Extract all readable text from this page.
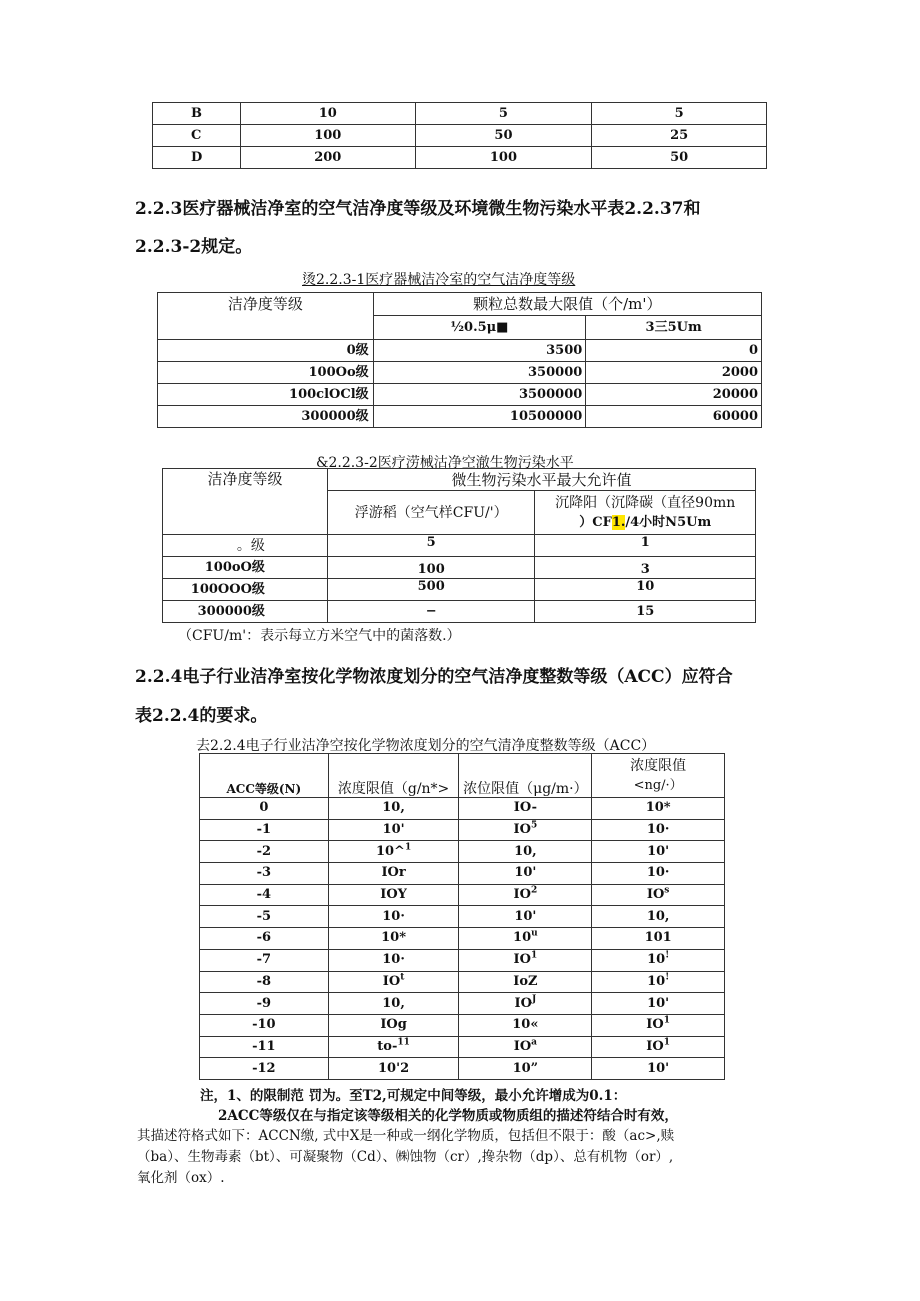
B	10	5	5
C	100	50	25
D	200	100	50
2.2.3医疗器械洁净室的空气洁净度等级及环境微生物污染水平表2.2.37和
2.2.3-2规定。
烫2.2.3-1医疗器械洁冷室的空气洁净度等级
洁净度等级	颗粒总数最大限值（个/m'）	
	½0.5μ■	3三5Um
0级	3500	0
100Oo级	350000	2000
100clOCl级	3500000	20000
300000级	10500000	60000
&2.2.3-2医疗涝械沽净空澈生物污染水平
洁净度等级	微生物污染水平最大允许值	
	浮游稻（空气样CFU/'）	沉降阳（沉降碳（直径90mn
）CF1./4小时N5Um

。级	5	1
100oO级	100	3
100OOO级	500	10
300000级	−	15
（CFU/m'：表示每立方米空气中的菌落数.）
2.2.4电子行业洁净室按化学物浓度划分的空气洁净度整数等级（ACC）应符合
表2.2.4的要求。
去2.2.4电子行业沽净空按化学物浓度划分的空气清净度整数等级（ACC）
ACC等级(N)	浓度限值（g/n*>	浓位限值（μg/m·）	浓度限值
<ng/·）

0	10,	IO-	10*
-1	10'	$IO^5$	10·
-2	10^$^1$	10,	10'
-3	IOr	10'	10·
-4	IOY	$IO^2$	$IO^s$
-5	10·	10'	10,
-6	10*	10$^u$	101
-7	10·	$IO^1$	10!
-8	$IO^t$	IoZ	10!
-9	10,	$IO^J$	10'
-10	IOg	10«	$IO^1$
-11	to-$^{11}$	$IO^a$	$IO^1$
-12	10'2	10”	10'
注，1、的限制范 罚为。至T2,可规定中间等级，最小允许增成为0.1：
2ACC等级仅在与指定该等级相关的化学物质或物质组的描述符结合时有效，
其描述符格式如下：ACCN缴, 式中X是一种或一纲化学物质，包括但不限于：酸（ac>,赎
（ba）、生物毒素（bt）、可凝聚物（Cd）、㈱蚀物（cr）,搀杂物（dp）、总有机物（or）,
氧化剂（ox）.
